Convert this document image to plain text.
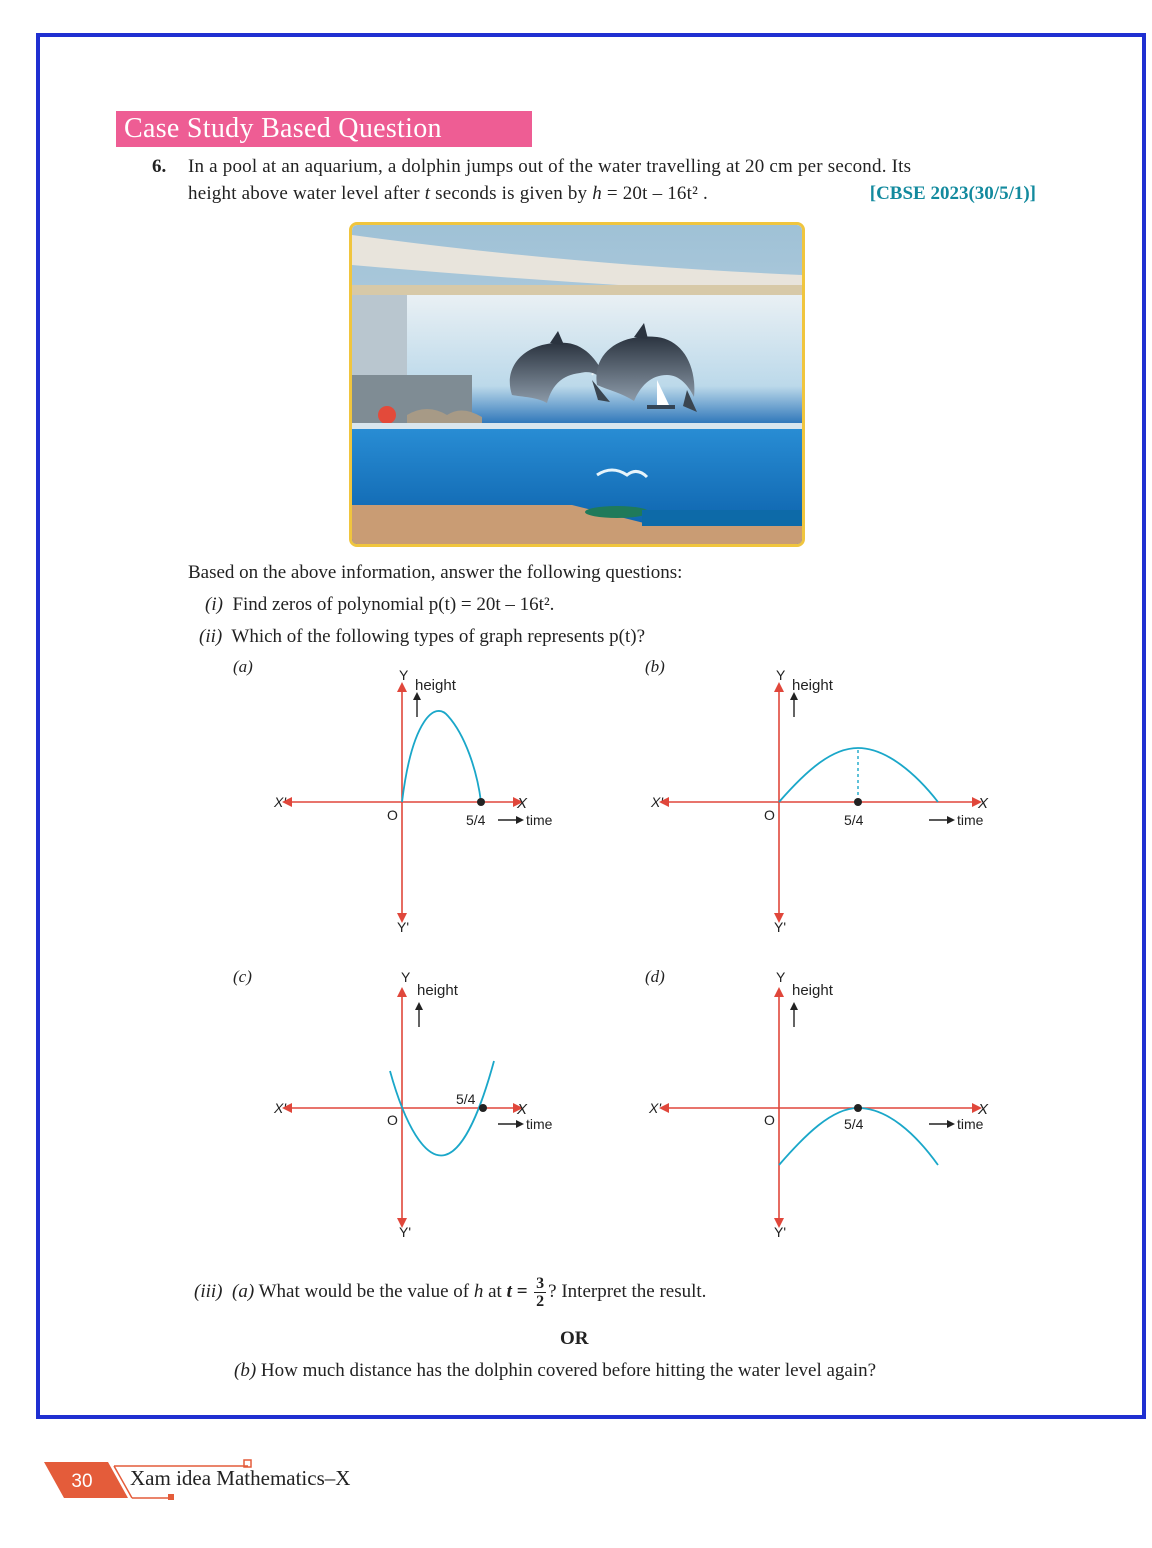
Case Study Based Question
6. In a pool at an aquarium, a dolphin jumps out of the water travelling at 20 cm per second. Its
height above water level after t seconds is given by h = 20t – 16t² .	[CBSE 2023(30/5/1)]
Based on the above information, answer the following questions:
(i) Find zeros of polynomial p(t) = 20t – 16t².
(ii) Which of the following types of graph represents p(t)?
(a)	(b)
(c)	(d)
Y
height
X'	X
O	5/4	time
Y'
Y
height
X'	X
O	5/4	time
Y'
Y
height
X'	X
O
5/4
time
Y'
Y
height
X'	X
O	5/4	time
Y'
(iii) (a) What would be the value of h at $t = \frac{3}{2}$ ? Interpret the result.
OR
(b) How much distance has the dolphin covered before hitting the water level again?
30 Xam idea Mathematics–X
